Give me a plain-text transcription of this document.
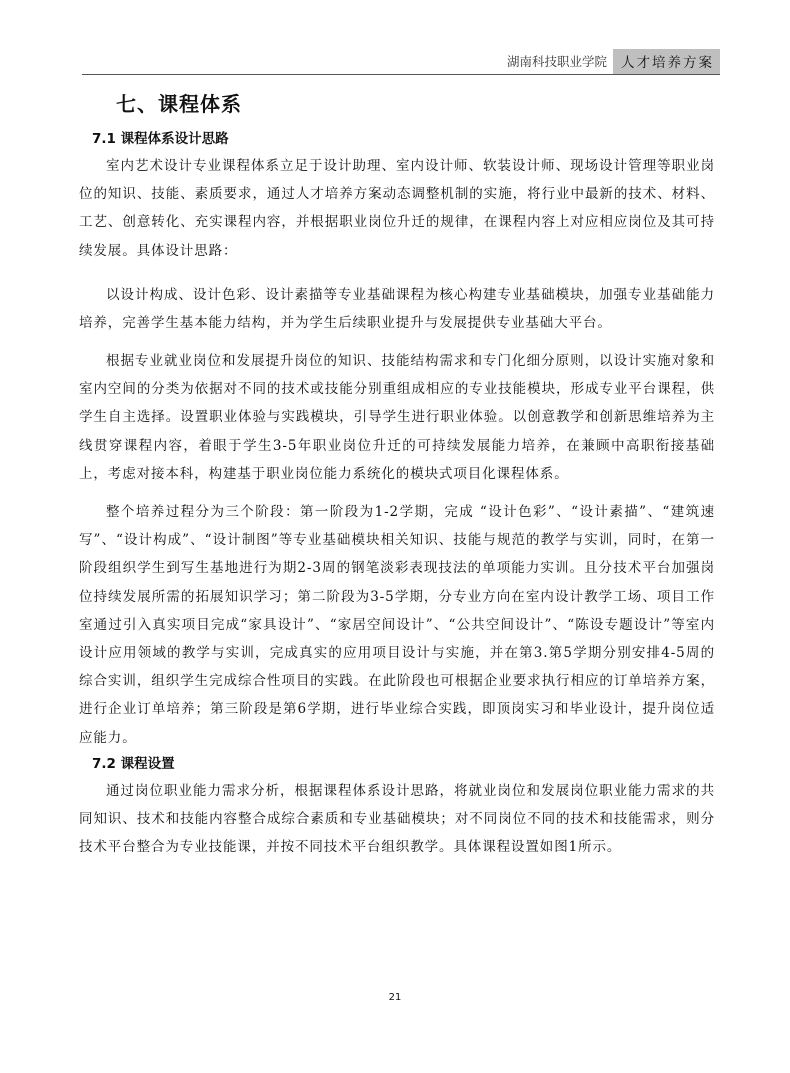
湖南科技职业学院	人才培养方案
七、课程体系
7.1 课程体系设计思路

室内艺术设计专业课程体系立足于设计助理、室内设计师、软装设计师、现场设计管理等职业岗位的知识、技能、素质要求，通过人才培养方案动态调整机制的实施，将行业中最新的技术、材料、工艺、创意转化、充实课程内容，并根据职业岗位升迁的规律，在课程内容上对应相应岗位及其可持续发展。具体设计思路：

以设计构成、设计色彩、设计素描等专业基础课程为核心构建专业基础模块，加强专业基础能力培养，完善学生基本能力结构，并为学生后续职业提升与发展提供专业基础大平台。

根据专业就业岗位和发展提升岗位的知识、技能结构需求和专门化细分原则，以设计实施对象和室内空间的分类为依据对不同的技术或技能分别重组成相应的专业技能模块，形成专业平台课程，供学生自主选择。设置职业体验与实践模块，引导学生进行职业体验。以创意教学和创新思维培养为主线贯穿课程内容，着眼于学生3-5年职业岗位升迁的可持续发展能力培养，在兼顾中高职衔接基础上，考虑对接本科，构建基于职业岗位能力系统化的模块式项目化课程体系。

整个培养过程分为三个阶段：第一阶段为1-2学期，完成 “设计色彩”、“设计素描”、“建筑速写”、“设计构成”、“设计制图”等专业基础模块相关知识、技能与规范的教学与实训，同时，在第一阶段组织学生到写生基地进行为期2-3周的钢笔淡彩表现技法的单项能力实训。且分技术平台加强岗位持续发展所需的拓展知识学习；第二阶段为3-5学期，分专业方向在室内设计教学工场、项目工作室通过引入真实项目完成“家具设计”、“家居空间设计”、“公共空间设计”、“陈设专题设计”等室内设计应用领域的教学与实训，完成真实的应用项目设计与实施，并在第3.第5学期分别安排4-5周的综合实训，组织学生完成综合性项目的实践。在此阶段也可根据企业要求执行相应的订单培养方案，进行企业订单培养；第三阶段是第6学期，进行毕业综合实践，即顶岗实习和毕业设计，提升岗位适应能力。

7.2 课程设置

通过岗位职业能力需求分析，根据课程体系设计思路，将就业岗位和发展岗位职业能力需求的共同知识、技术和技能内容整合成综合素质和专业基础模块；对不同岗位不同的技术和技能需求，则分技术平台整合为专业技能课，并按不同技术平台组织教学。具体课程设置如图1所示。

21
